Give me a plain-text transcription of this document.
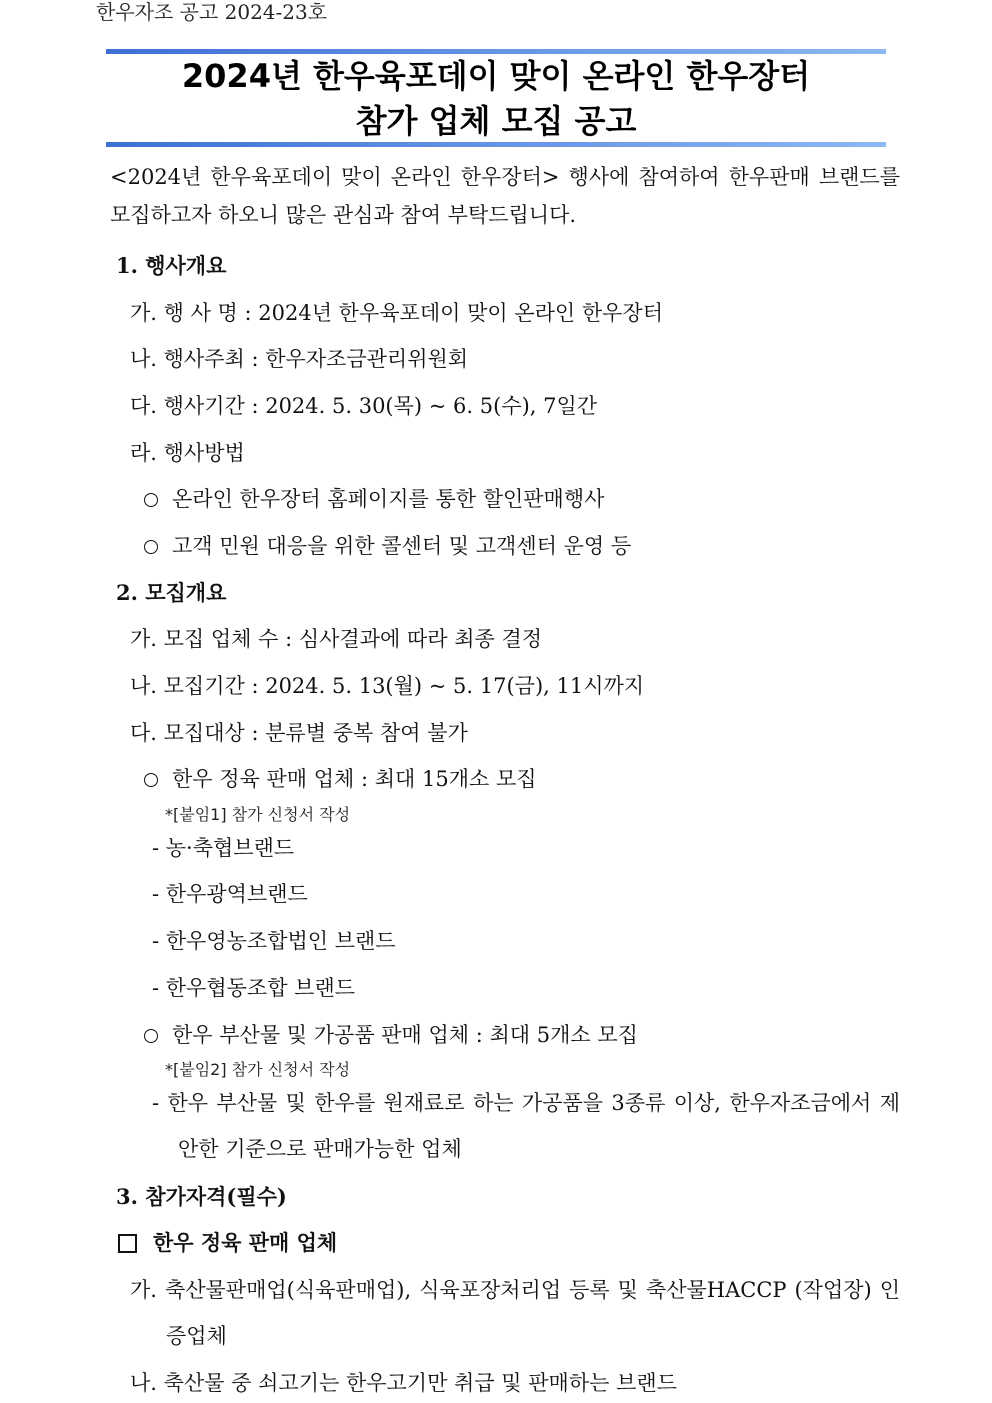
한우자조 공고 2024-23호
2024년 한우육포데이 맞이 온라인 한우장터
참가 업체 모집 공고
<2024년 한우육포데이 맞이 온라인 한우장터> 행사에 참여하여 한우판매 브랜드를 모집하고자 하오니 많은 관심과 참여 부탁드립니다.
1. 행사개요
가. 행 사 명 : 2024년 한우육포데이 맞이 온라인 한우장터
나. 행사주최 : 한우자조금관리위원회
다. 행사기간 : 2024. 5. 30(목) ~ 6. 5(수), 7일간
라. 행사방법
온라인 한우장터 홈페이지를 통한 할인판매행사
고객 민원 대응을 위한 콜센터 및 고객센터 운영 등
2. 모집개요
가. 모집 업체 수 : 심사결과에 따라 최종 결정
나. 모집기간 : 2024. 5. 13(월) ~ 5. 17(금), 11시까지
다. 모집대상 : 분류별 중복 참여 불가
한우 정육 판매 업체 : 최대 15개소 모집
*[붙임1] 참가 신청서 작성
- 농·축협브랜드
- 한우광역브랜드
- 한우영농조합법인 브랜드
- 한우협동조합 브랜드
한우 부산물 및 가공품 판매 업체 : 최대 5개소 모집
*[붙임2] 참가 신청서 작성
- 한우 부산물 및 한우를 원재료로 하는 가공품을 3종류 이상, 한우자조금에서 제안한 기준으로 판매가능한 업체
3. 참가자격(필수)
한우 정육 판매 업체
가. 축산물판매업(식육판매업), 식육포장처리업 등록 및 축산물HACCP (작업장) 인증업체
나. 축산물 중 쇠고기는 한우고기만 취급 및 판매하는 브랜드
